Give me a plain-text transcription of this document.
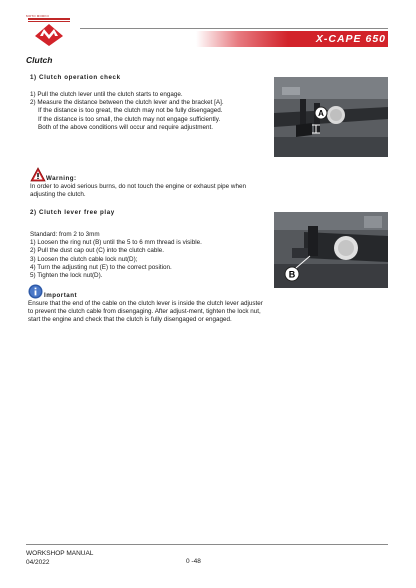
MOTO MORINI
X-CAPE 650
Clutch
1) Clutch operation check
1) Pull the clutch lever until the clutch starts to engage.
2) Measure the distance between the clutch lever and the bracket [A].
If the distance is too great, the clutch may not be fully disengaged.
If the distance is too small, the clutch may not engage sufficiently.
Both of the above conditions will occur and require adjustment.
A
Warning:
In order to avoid serious burns, do not touch the engine or exhaust pipe when adjusting the clutch.
2) Clutch lever free play
Standard: from 2 to 3mm
1) Loosen the ring nut (B) until the 5 to 6 mm thread is visible.
2) Pull the dust cap out (C) into the clutch cable.
3) Loosen the clutch cable lock nut(D);
4) Turn the adjusting nut (E) to the correct position.
5) Tighten the lock nut(D).	B
Important
Ensure that the end of the cable on the clutch lever is inside the clutch lever adjuster to prevent the clutch cable from disengaging. After adjust-ment, tighten the lock nut, start the engine and check that the clutch is fully disengaged or engaged.
WORKSHOP MANUAL
04/2022	0 -48
